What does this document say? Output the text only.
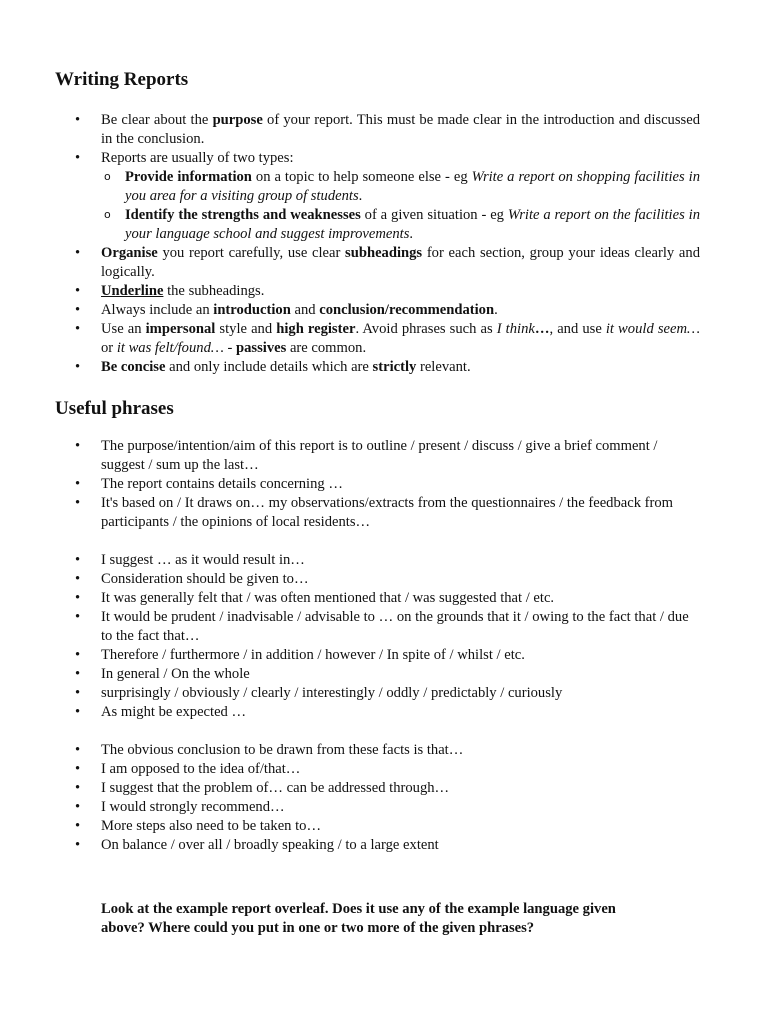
Writing Reports
• Be clear about the purpose of your report. This must be made clear in the introduction and discussed in the conclusion.
• Reports are usually of two types:
o Provide information on a topic to help someone else - eg Write a report on shopping facilities in you area for a visiting group of students.
o Identify the strengths and weaknesses of a given situation - eg Write a report on the facilities in your language school and suggest improvements.
• Organise you report carefully, use clear subheadings for each section, group your ideas clearly and logically.
• Underline the subheadings.
• Always include an introduction and conclusion/recommendation.
• Use an impersonal style and high register. Avoid phrases such as I think…, and use it would seem… or it was felt/found… - passives are common.
• Be concise and only include details which are strictly relevant.
Useful phrases
• The purpose/intention/aim of this report is to outline / present / discuss / give a brief comment / suggest / sum up the last…
• The report contains details concerning …
• It's based on / It draws on… my observations/extracts from the questionnaires / the feedback from participants / the opinions of local residents…
• I suggest … as it would result in…
• Consideration should be given to…
• It was generally felt that / was often mentioned that / was suggested that / etc.
• It would be prudent / inadvisable / advisable to … on the grounds that it / owing to the fact that / due to the fact that…
• Therefore / furthermore / in addition / however / In spite of / whilst / etc.
• In general / On the whole
• surprisingly / obviously / clearly / interestingly / oddly / predictably / curiously
• As might be expected …
• The obvious conclusion to be drawn from these facts is that…
• I am opposed to the idea of/that…
• I suggest that the problem of… can be addressed through…
• I would strongly recommend…
• More steps also need to be taken to…
• On balance / over all / broadly speaking / to a large extent

Look at the example report overleaf. Does it use any of the example language given above? Where could you put in one or two more of the given phrases?
